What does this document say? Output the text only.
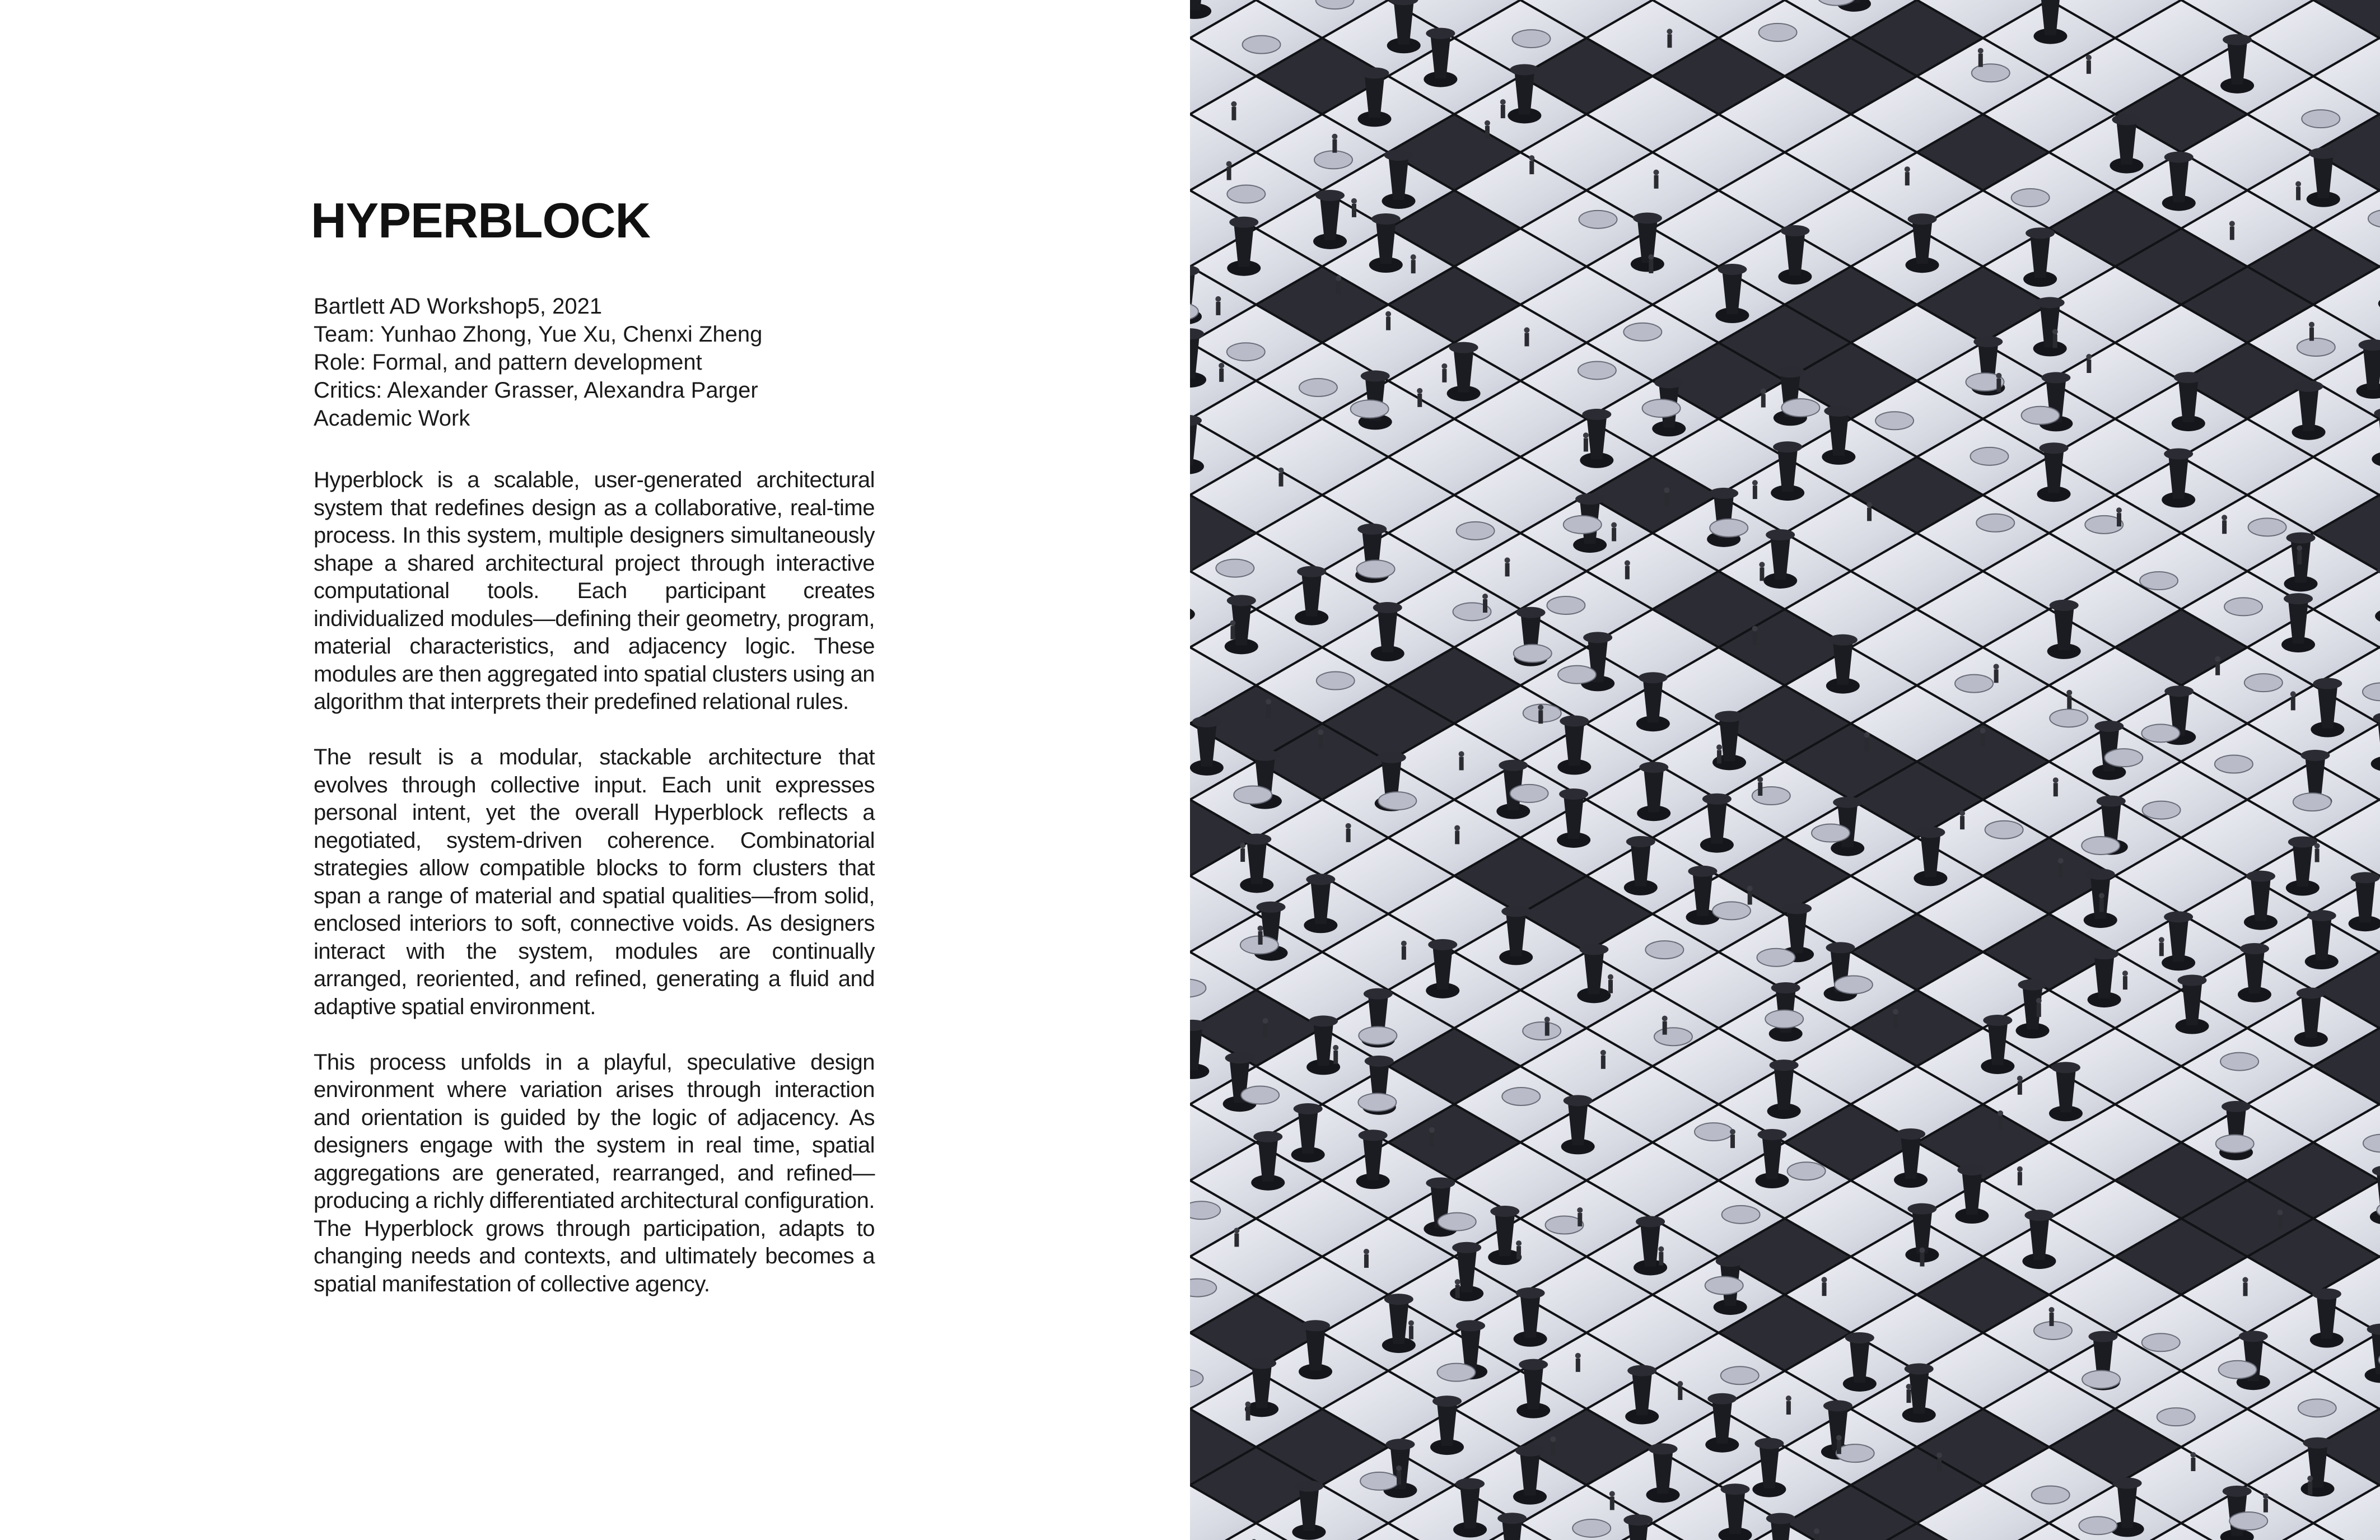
HYPERBLOCK
Bartlett AD Workshop5, 2021
Team: Yunhao Zhong, Yue Xu, Chenxi Zheng
Role: Formal, and pattern development
Critics: Alexander Grasser, Alexandra Parger
Academic Work

Hyperblock is a scalable, user-generated architectural system that redefines design as a collaborative, real-time process. In this system, multiple designers simultaneously shape a shared architectural project through interactive computational tools. Each participant creates individualized modules—defining their geometry, program, material characteristics, and adjacency logic. These modules are then aggregated into spatial clusters using an algorithm that interprets their predefined relational rules.

The result is a modular, stackable architecture that evolves through collective input. Each unit expresses personal intent, yet the overall Hyperblock reflects a negotiated, system-driven coherence. Combinatorial strategies allow compatible blocks to form clusters that span a range of material and spatial qualities—from solid, enclosed interiors to soft, connective voids. As designers interact with the system, modules are continually arranged, reoriented, and refined, generating a fluid and adaptive spatial environment.

This process unfolds in a playful, speculative design environment where variation arises through interaction and orientation is guided by the logic of adjacency. As designers engage with the system in real time, spatial aggregations are generated, rearranged, and refined—producing a richly differentiated architectural configuration. The Hyperblock grows through participation, adapts to changing needs and contexts, and ultimately becomes a spatial manifestation of collective agency.
